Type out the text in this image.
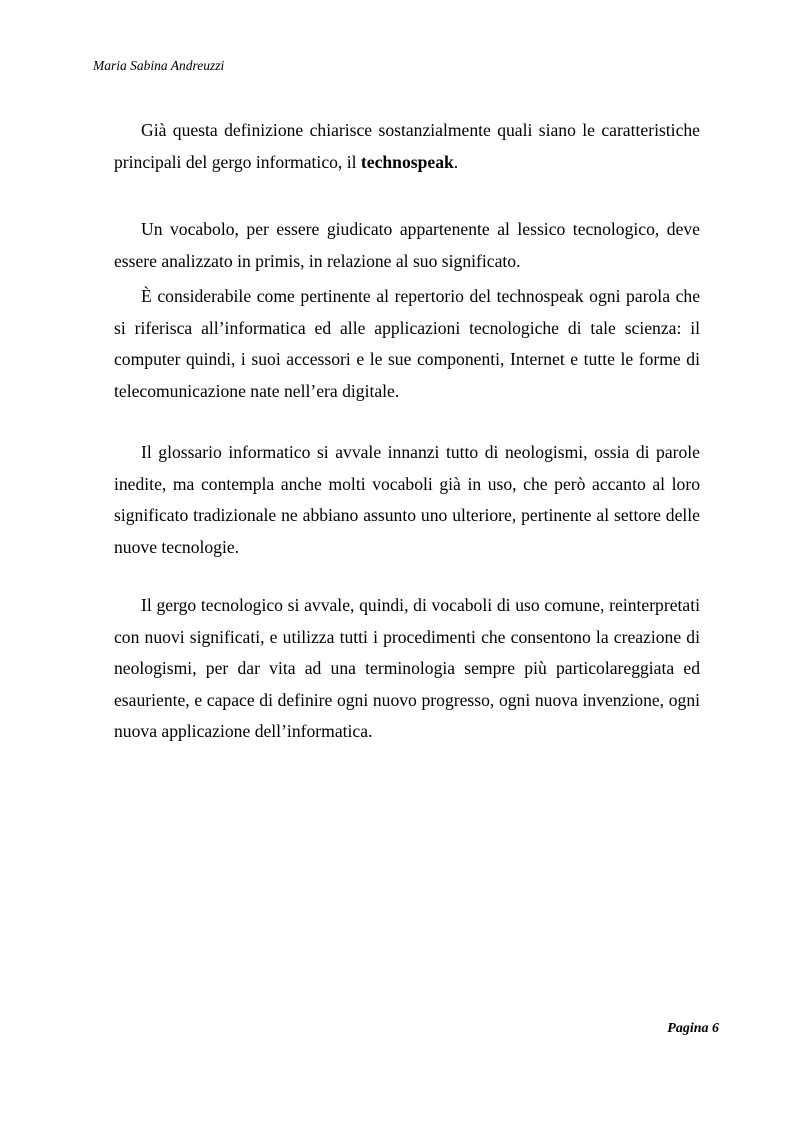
Maria Sabina Andreuzzi

Già questa definizione chiarisce sostanzialmente quali siano le caratteristiche principali del gergo informatico, il technospeak.

Un vocabolo, per essere giudicato appartenente al lessico tecnologico, deve essere analizzato in primis, in relazione al suo significato.

È considerabile come pertinente al repertorio del technospeak ogni parola che si riferisca all’informatica ed alle applicazioni tecnologiche di tale scienza: il computer quindi, i suoi accessori e le sue componenti, Internet e tutte le forme di telecomunicazione nate nell’era digitale.

Il glossario informatico si avvale innanzi tutto di neologismi, ossia di parole inedite, ma contempla anche molti vocaboli già in uso, che però accanto al loro significato tradizionale ne abbiano assunto uno ulteriore, pertinente al settore delle nuove tecnologie.

Il gergo tecnologico si avvale, quindi, di vocaboli di uso comune, reinterpretati con nuovi significati, e utilizza tutti i procedimenti che consentono la creazione di neologismi, per dar vita ad una terminologia sempre più particolareggiata ed esauriente, e capace di definire ogni nuovo progresso, ogni nuova invenzione, ogni nuova applicazione dell’informatica.

Pagina 6
